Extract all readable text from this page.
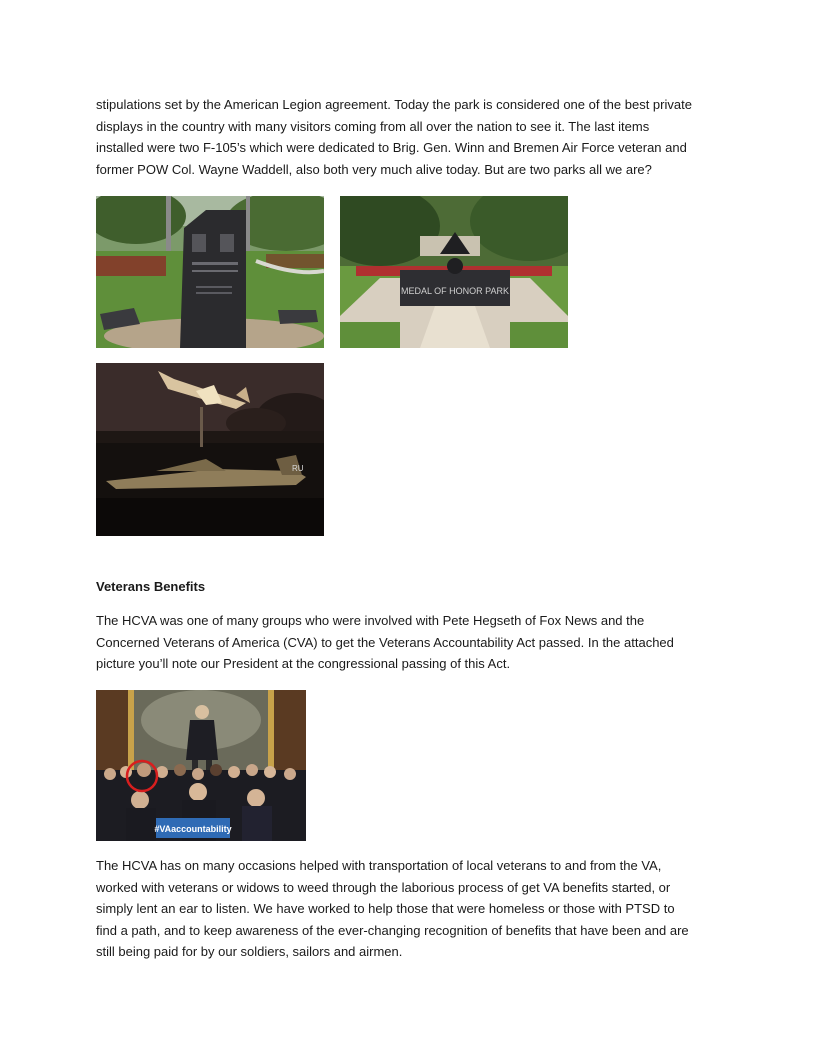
stipulations set by the American Legion agreement. Today the park is considered one of the best private
displays in the country with many visitors coming from all over the nation to see it. The last items
installed were two F-105’s which were dedicated to Brig. Gen. Winn and Bremen Air Force veteran and
former POW Col. Wayne Waddell, also both very much alive today. But are two parks all we are?

MEDAL OF HONOR PARK
RU
Veterans Benefits

The HCVA was one of many groups who were involved with Pete Hegseth of Fox News and the
Concerned Veterans of America (CVA) to get the Veterans Accountability Act passed. In the attached
picture you’ll note our President at the congressional passing of this Act.

#VAaccountability

The HCVA has on many occasions helped with transportation of local veterans to and from the VA,
worked with veterans or widows to weed through the laborious process of get VA benefits started, or
simply lent an ear to listen. We have worked to help those that were homeless or those with PTSD to
find a path, and to keep awareness of the ever-changing recognition of benefits that have been and are
still being paid for by our soldiers, sailors and airmen.
